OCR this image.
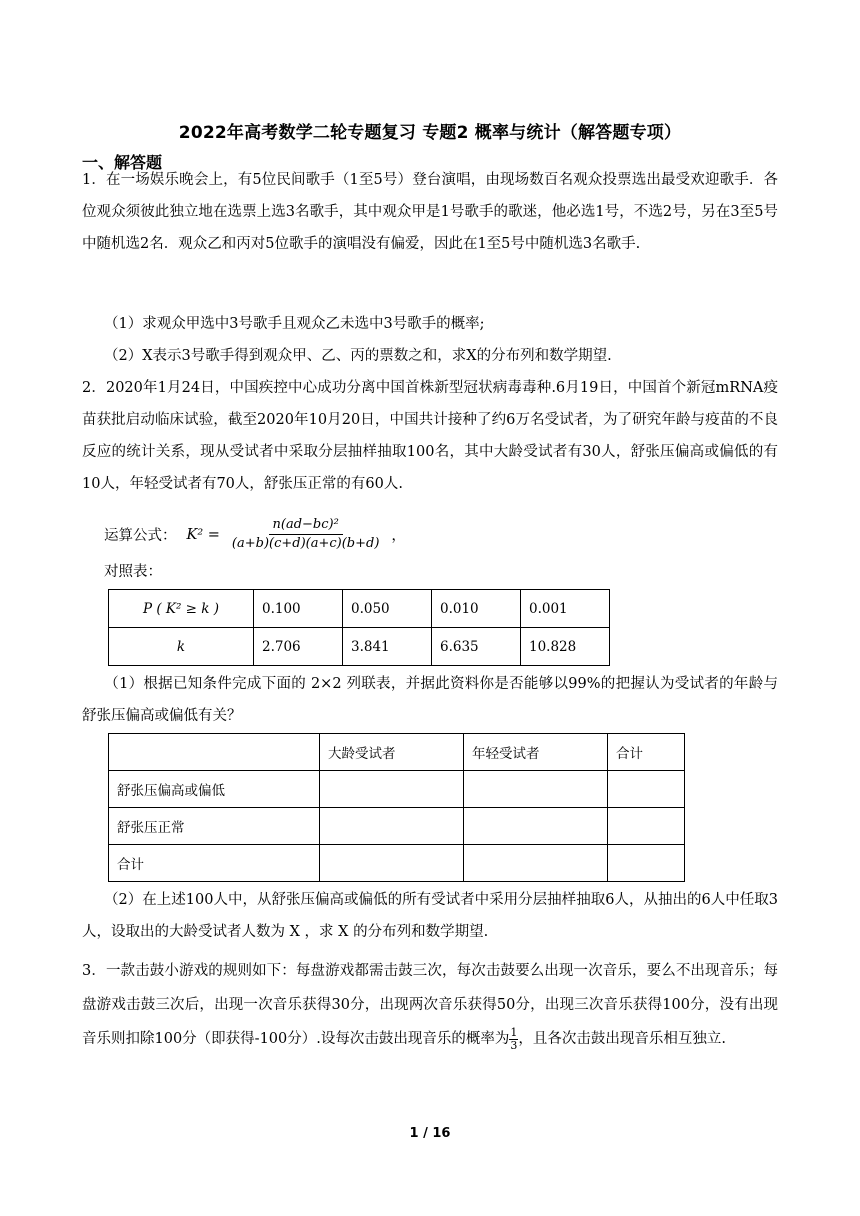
2022年高考数学二轮专题复习 专题2 概率与统计（解答题专项）
一、解答题

1．在一场娱乐晚会上，有5位民间歌手（1至5号）登台演唱，由现场数百名观众投票选出最受欢迎歌手．各位观众须彼此独立地在选票上选3名歌手，其中观众甲是1号歌手的歌迷，他必选1号，不选2号，另在3至5号中随机选2名．观众乙和丙对5位歌手的演唱没有偏爱，因此在1至5号中随机选3名歌手.

（1）求观众甲选中3号歌手且观众乙未选中3号歌手的概率;

（2）X表示3号歌手得到观众甲、乙、丙的票数之和，求X的分布列和数学期望.

2．2020年1月24日，中国疾控中心成功分离中国首株新型冠状病毒毒种.6月19日，中国首个新冠mRNA疫苗获批启动临床试验，截至2020年10月20日，中国共计接种了约6万名受试者，为了研究年龄与疫苗的不良反应的统计关系，现从受试者中采取分层抽样抽取100名，其中大龄受试者有30人，舒张压偏高或偏低的有10人，年轻受试者有70人，舒张压正常的有60人.

运算公式： $K^2 = \frac{\text{n(ad−bc)²}}{(a+b)(c+d)(a+c)(b+d)}$ ，

对照表：

P ( K² ≥ k )	0.100	0.050	0.010	0.001
k	2.706	3.841	6.635	10.828

（1）根据已知条件完成下面的 2×2 列联表，并据此资料你是否能够以99%的把握认为受试者的年龄与舒张压偏高或偏低有关？

	大龄受试者	年轻受试者	合计
舒张压偏高或偏低			
舒张压正常			
合计			

（2）在上述100人中，从舒张压偏高或偏低的所有受试者中采用分层抽样抽取6人，从抽出的6人中任取3人，设取出的大龄受试者人数为 X ，求 X 的分布列和数学期望.

3．一款击鼓小游戏的规则如下：每盘游戏都需击鼓三次，每次击鼓要么出现一次音乐，要么不出现音乐；每盘游戏击鼓三次后，出现一次音乐获得30分，出现两次音乐获得50分，出现三次音乐获得100分，没有出现音乐则扣除100分（即获得-100分）.设每次击鼓出现音乐的概率为 $\frac{1}{3}$ ，且各次击鼓出现音乐相互独立.

1 / 16
